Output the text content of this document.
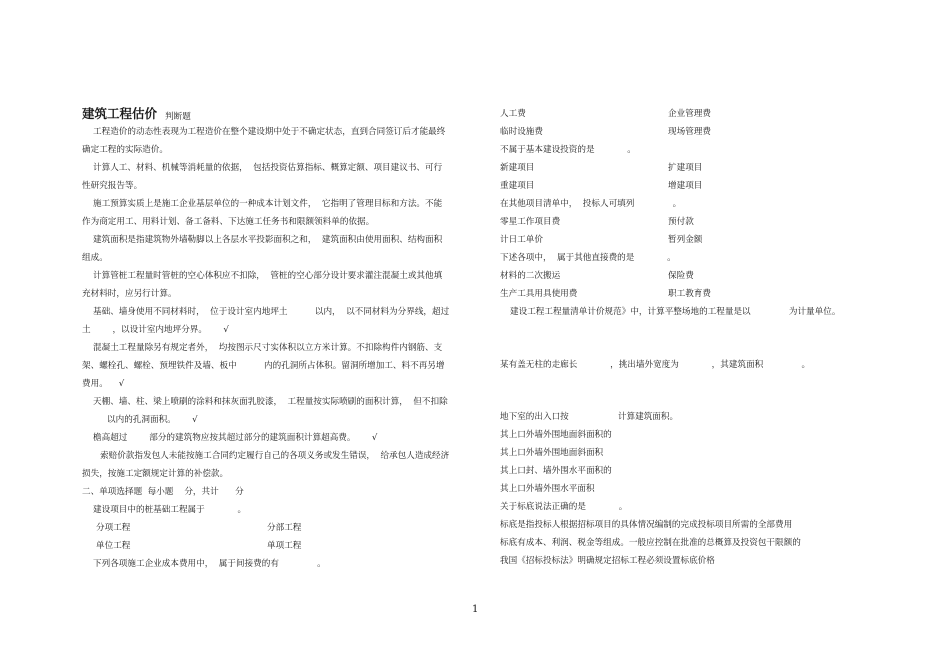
建筑工程估价 判断题
工程造价的动态性表现为工程造价在整个建设期中处于不确定状态，直到合同签订后才能最终
确定工程的实际造价。
计算人工、材料、机械等消耗量的依据，  包括投资估算指标、概算定额、项目建议书、可行
性研究报告等。
施工预算实质上是施工企业基层单位的一种成本计划文件，  它指明了管理目标和方法。不能
作为商定用工、用料计划、备工备料、下达施工任务书和限额领料单的依据。
建筑面积是指建筑物外墙勒脚以上各层水平投影面积之和，  建筑面积由使用面积、结构面积
组成。
计算管桩工程量时管桩的空心体积应不扣除，  管桩的空心部分设计要求灌注混凝土或其他填
充材料时，应另行计算。
基础、墙身使用不同材料时，  位于设计室内地坪土          以内，  以不同材料为分界线，超过
土        ，以设计室内地坪分界。      √
混凝土工程量除另有规定者外，  均按图示尺寸实体积以立方米计算。不扣除构件内钢筋、支
架、螺栓孔、螺栓、预埋铁件及墙、板中          内的孔洞所占体积。留洞所增加工、料不再另增
费用。    √
天棚、墙、柱、梁上喷刷的涂料和抹灰面乳胶漆，  工程量按实际喷刷的面积计算，  但不扣除
以内的孔洞面积。      √
檐高超过        部分的建筑物应按其超过部分的建筑面积计算超高费。      √
索赔价款指发包人未能按施工合同约定履行自己的各项义务或发生错误，  给承包人造成经济
损失，按施工定额规定计算的补偿款。
二、单项选择题  每小题    分，共计      分
建设项目中的桩基础工程属于            。
分项工程	分部工程
单位工程	单项工程
下列各项施工企业成本费用中，  属于间接费的有              。
人工费	企业管理费
临时设施费	现场管理费
不属于基本建设投资的是            。
新建项目	扩建项目
重建项目	增建项目
在其他项目清单中，  投标人可填列              。
零星工作项目费	预付款
计日工单价	暂列金额
下述各项中，  属于其他直接费的是            。
材料的二次搬运	保险费
生产工具用具使用费	职工教育费
建设工程工程量清单计价规范》中，计算平整场地的工程量是以              为计量单位。
某有盖无柱的走廊长            ，挑出墙外宽度为            ，其建筑面积              。
地下室的出入口按                  计算建筑面积。
其上口外墙外围地面斜面积的
其上口外墙外围地面斜面积
其上口封、墙外围水平面积的
其上口外墙外围水平面积
关于标底说法正确的是            。
标底是指投标人根据招标项目的具体情况编制的完成投标项目所需的全部费用
标底有成本、利润、税金等组成。一般应控制在批准的总概算及投资包干限额的
我国《招标投标法》明确规定招标工程必须设置标底价格
1
